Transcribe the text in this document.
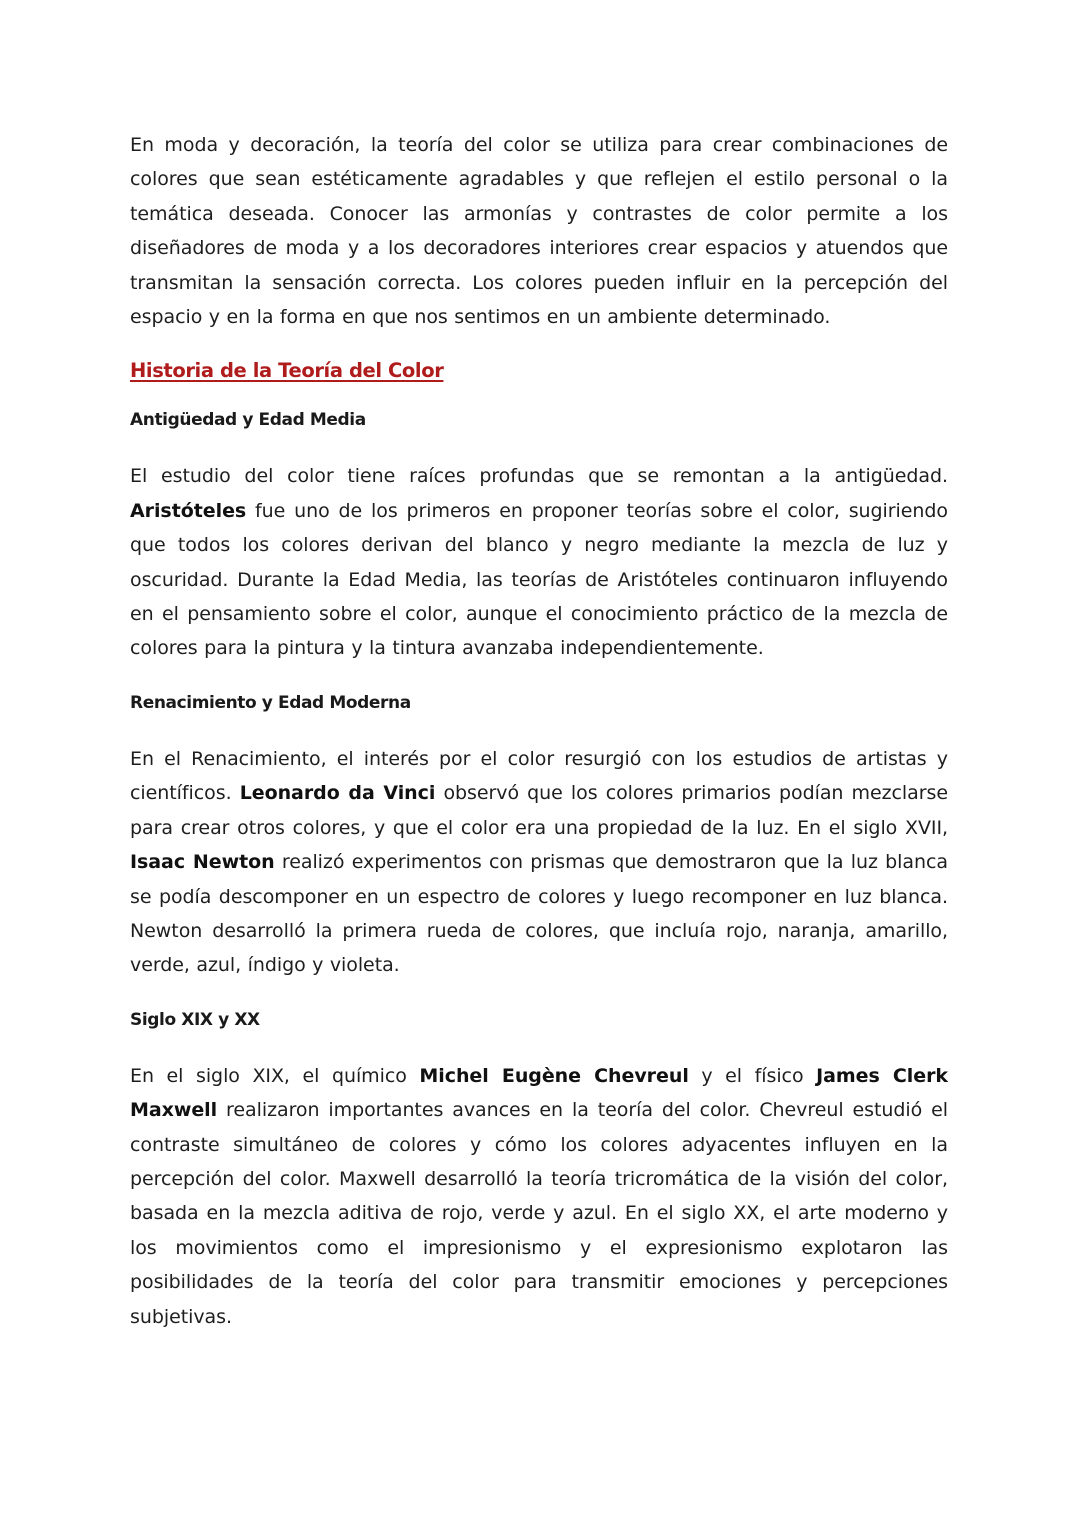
En moda y decoración, la teoría del color se utiliza para crear combinaciones de colores que sean estéticamente agradables y que reflejen el estilo personal o la temática deseada. Conocer las armonías y contrastes de color permite a los diseñadores de moda y a los decoradores interiores crear espacios y atuendos que transmitan la sensación correcta. Los colores pueden influir en la percepción del espacio y en la forma en que nos sentimos en un ambiente determinado.

Historia de la Teoría del Color
Antigüedad y Edad Media

El estudio del color tiene raíces profundas que se remontan a la antigüedad. Aristóteles fue uno de los primeros en proponer teorías sobre el color, sugiriendo que todos los colores derivan del blanco y negro mediante la mezcla de luz y oscuridad. Durante la Edad Media, las teorías de Aristóteles continuaron influyendo en el pensamiento sobre el color, aunque el conocimiento práctico de la mezcla de colores para la pintura y la tintura avanzaba independientemente.

Renacimiento y Edad Moderna

En el Renacimiento, el interés por el color resurgió con los estudios de artistas y científicos. Leonardo da Vinci observó que los colores primarios podían mezclarse para crear otros colores, y que el color era una propiedad de la luz. En el siglo XVII, Isaac Newton realizó experimentos con prismas que demostraron que la luz blanca se podía descomponer en un espectro de colores y luego recomponer en luz blanca. Newton desarrolló la primera rueda de colores, que incluía rojo, naranja, amarillo, verde, azul, índigo y violeta.

Siglo XIX y XX

En el siglo XIX, el químico Michel Eugène Chevreul y el físico James Clerk Maxwell realizaron importantes avances en la teoría del color. Chevreul estudió el contraste simultáneo de colores y cómo los colores adyacentes influyen en la percepción del color. Maxwell desarrolló la teoría tricromática de la visión del color, basada en la mezcla aditiva de rojo, verde y azul. En el siglo XX, el arte moderno y los movimientos como el impresionismo y el expresionismo explotaron las posibilidades de la teoría del color para transmitir emociones y percepciones subjetivas.
